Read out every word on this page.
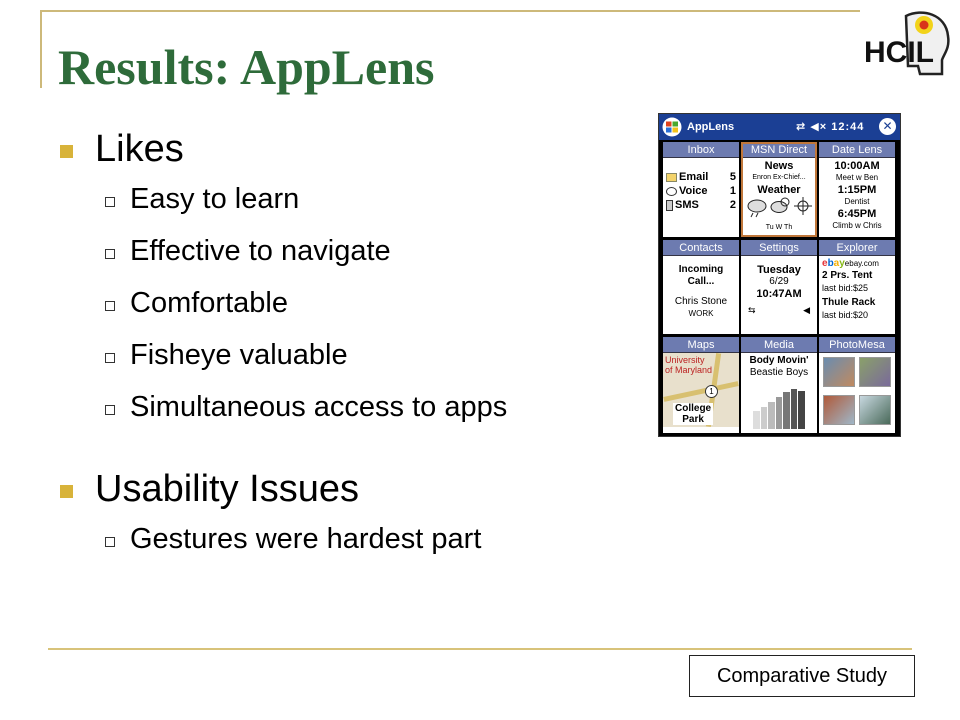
Results: AppLens	HCIL
Likes
Easy to learn
Effective to navigate
Comfortable
Fisheye valuable
Simultaneous access to apps
Usability Issues
Gestures were hardest part
AppLens	⇄ ◀× 12:44 ✕
Inbox
Email 5
Voice 1
SMS	2
MSN Direct
News
Enron Ex-Chief...
Weather
Tu W Th
Date Lens
10:00AM
Meet w Ben
1:15PM
Dentist
6:45PM
Climb w Chris
Contacts
Incoming
Call...
Chris Stone
WORK
Settings
Tuesday
6/29
10:47AM
⇆	◀
Explorer
ebayebay.com
2 Prs. Tent
last bid:$25
Thule Rack
last bid:$20
Maps
University
of Maryland
1
College
Park
Media
Body Movin'
Beastie Boys
PhotoMesa
Comparative Study
